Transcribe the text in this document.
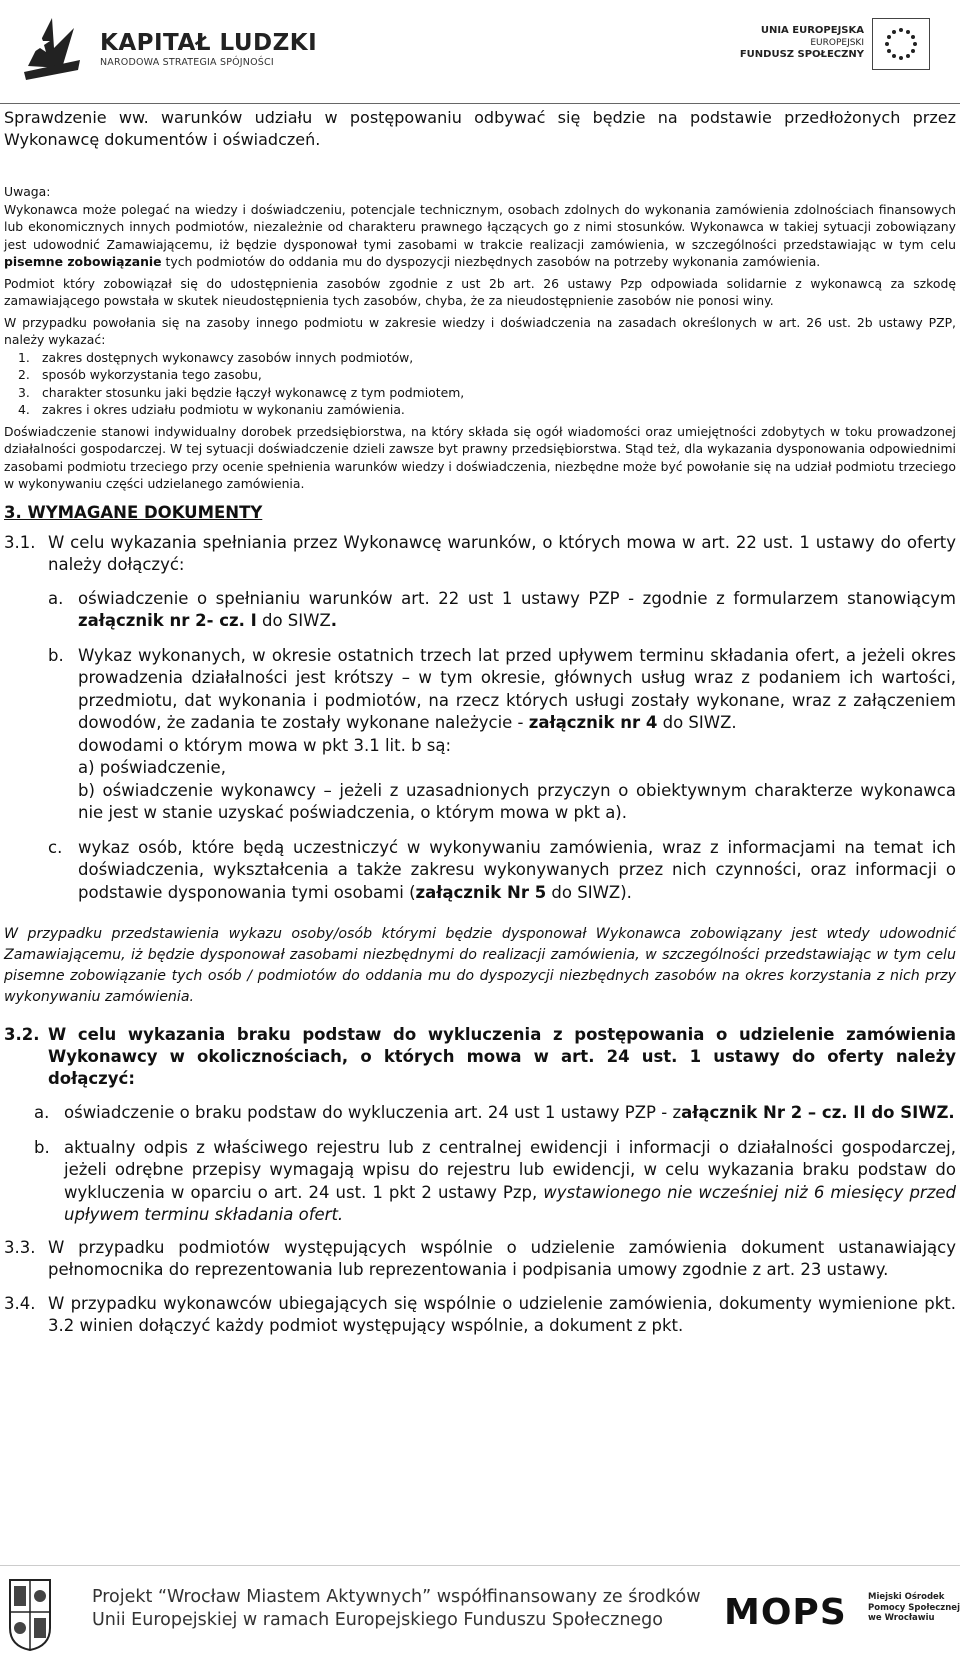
KAPITAŁ LUDZKI
NARODOWA STRATEGIA SPÓJNOŚCI
UNIA EUROPEJSKA
EUROPEJSKI
FUNDUSZ SPOŁECZNY

Sprawdzenie ww. warunków udziału w postępowaniu odbywać się będzie na podstawie przedłożonych przez Wykonawcę dokumentów i oświadczeń.

Uwaga:

Wykonawca może polegać na wiedzy i doświadczeniu, potencjale technicznym, osobach zdolnych do wykonania zamówienia zdolnościach finansowych lub ekonomicznych innych podmiotów, niezależnie od charakteru prawnego łączących go z nimi stosunków. Wykonawca w takiej sytuacji zobowiązany jest udowodnić Zamawiającemu, iż będzie dysponował tymi zasobami w trakcie realizacji zamówienia, w szczególności przedstawiając w tym celu pisemne zobowiązanie tych podmiotów do oddania mu do dyspozycji niezbędnych zasobów na potrzeby wykonania zamówienia.

Podmiot który zobowiązał się do udostępnienia zasobów zgodnie z ust 2b art. 26 ustawy Pzp odpowiada solidarnie z wykonawcą za szkodę zamawiającego powstała w skutek nieudostępnienia tych zasobów, chyba, że za nieudostępnienie zasobów nie ponosi winy.

W przypadku powołania się na zasoby innego podmiotu w zakresie wiedzy i doświadczenia na zasadach określonych w art. 26 ust. 2b ustawy PZP, należy wykazać:

1. zakres dostępnych wykonawcy zasobów innych podmiotów,
2. sposób wykorzystania tego zasobu,
3. charakter stosunku jaki będzie łączył wykonawcę z tym podmiotem,
4. zakres i okres udziału podmiotu w wykonaniu zamówienia.

Doświadczenie stanowi indywidualny dorobek przedsiębiorstwa, na który składa się ogół wiadomości oraz umiejętności zdobytych w toku prowadzonej działalności gospodarczej. W tej sytuacji doświadczenie dzieli zawsze byt prawny przedsiębiorstwa. Stąd też, dla wykazania dysponowania odpowiednimi zasobami podmiotu trzeciego przy ocenie spełnienia warunków wiedzy i doświadczenia, niezbędne może być powołanie się na udział podmiotu trzeciego w wykonywaniu części udzielanego zamówienia.

3. WYMAGANE DOKUMENTY

3.1. W celu wykazania spełniania przez Wykonawcę warunków, o których mowa w art. 22 ust. 1 ustawy do oferty należy dołączyć:
a. oświadczenie o spełnianiu warunków art. 22 ust 1 ustawy PZP - zgodnie z formularzem stanowiącym załącznik nr 2- cz. I do SIWZ.
b. Wykaz wykonanych, w okresie ostatnich trzech lat przed upływem terminu składania ofert, a jeżeli okres prowadzenia działalności jest krótszy – w tym okresie, głównych usług wraz z podaniem ich wartości, przedmiotu, dat wykonania i podmiotów, na rzecz których usługi zostały wykonane, wraz z załączeniem dowodów, że zadania te zostały wykonane należycie - załącznik nr 4 do SIWZ.
dowodami o którym mowa w pkt 3.1 lit. b są:
a) poświadczenie,
b) oświadczenie wykonawcy – jeżeli z uzasadnionych przyczyn o obiektywnym charakterze wykonawca nie jest w stanie uzyskać poświadczenia, o którym mowa w pkt a).
c. wykaz osób, które będą uczestniczyć w wykonywaniu zamówienia, wraz z informacjami na temat ich doświadczenia, wykształcenia a także zakresu wykonywanych przez nich czynności, oraz informacji o podstawie dysponowania tymi osobami (załącznik Nr 5 do SIWZ).

W przypadku przedstawienia wykazu osoby/osób którymi będzie dysponował Wykonawca zobowiązany jest wtedy udowodnić Zamawiającemu, iż będzie dysponował zasobami niezbędnymi do realizacji zamówienia, w szczególności przedstawiając w tym celu pisemne zobowiązanie tych osób / podmiotów do oddania mu do dyspozycji niezbędnych zasobów na okres korzystania z nich przy wykonywaniu zamówienia.

3.2. W celu wykazania braku podstaw do wykluczenia z postępowania o udzielenie zamówienia Wykonawcy w okolicznościach, o których mowa w art. 24 ust. 1 ustawy do oferty należy dołączyć:
a. oświadczenie o braku podstaw do wykluczenia art. 24 ust 1 ustawy PZP - załącznik Nr 2 – cz. II do SIWZ.
b. aktualny odpis z właściwego rejestru lub z centralnej ewidencji i informacji o działalności gospodarczej, jeżeli odrębne przepisy wymagają wpisu do rejestru lub ewidencji, w celu wykazania braku podstaw do wykluczenia w oparciu o art. 24 ust. 1 pkt 2 ustawy Pzp, wystawionego nie wcześniej niż 6 miesięcy przed upływem terminu składania ofert.
3.3. W przypadku podmiotów występujących wspólnie o udzielenie zamówienia dokument ustanawiający pełnomocnika do reprezentowania lub reprezentowania i podpisania umowy zgodnie z art. 23 ustawy.
3.4. W przypadku wykonawców ubiegających się wspólnie o udzielenie zamówienia, dokumenty wymienione pkt. 3.2 winien dołączyć każdy podmiot występujący wspólnie, a dokument z pkt.
Projekt “Wrocław Miastem Aktywnych” współfinansowany ze środków
Unii Europejskiej w ramach Europejskiego Funduszu Społecznego	MOPS	Miejski Ośrodek
Pomocy Społecznej
we Wrocławiu
